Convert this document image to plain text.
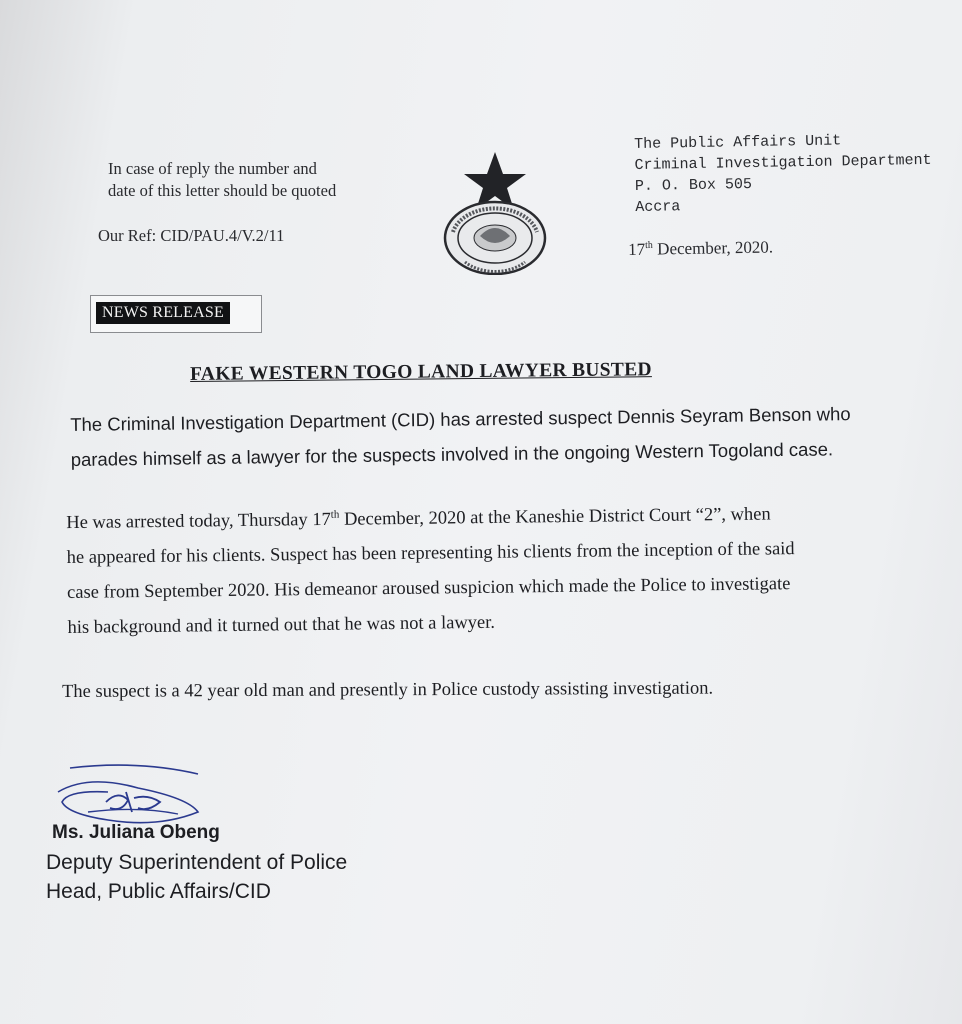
In case of reply the number and
date of this letter should be quoted
Our Ref: CID/PAU.4/V.2/11
The Public Affairs Unit
Criminal Investigation Department
P. O. Box 505
Accra
17th December, 2020.
NEWS RELEASE
FAKE WESTERN TOGO LAND LAWYER BUSTED
The Criminal Investigation Department (CID) has arrested suspect Dennis Seyram Benson who
parades himself as a lawyer for the suspects involved in the ongoing Western Togoland case.
He was arrested today, Thursday 17th December, 2020 at the Kaneshie District Court “2”, when
he appeared for his clients. Suspect has been representing his clients from the inception of the said
case from September 2020. His demeanor aroused suspicion which made the Police to investigate
his background and it turned out that he was not a lawyer.
The suspect is a 42 year old man and presently in Police custody assisting investigation.
Ms. Juliana Obeng
Deputy Superintendent of Police
Head, Public Affairs/CID
